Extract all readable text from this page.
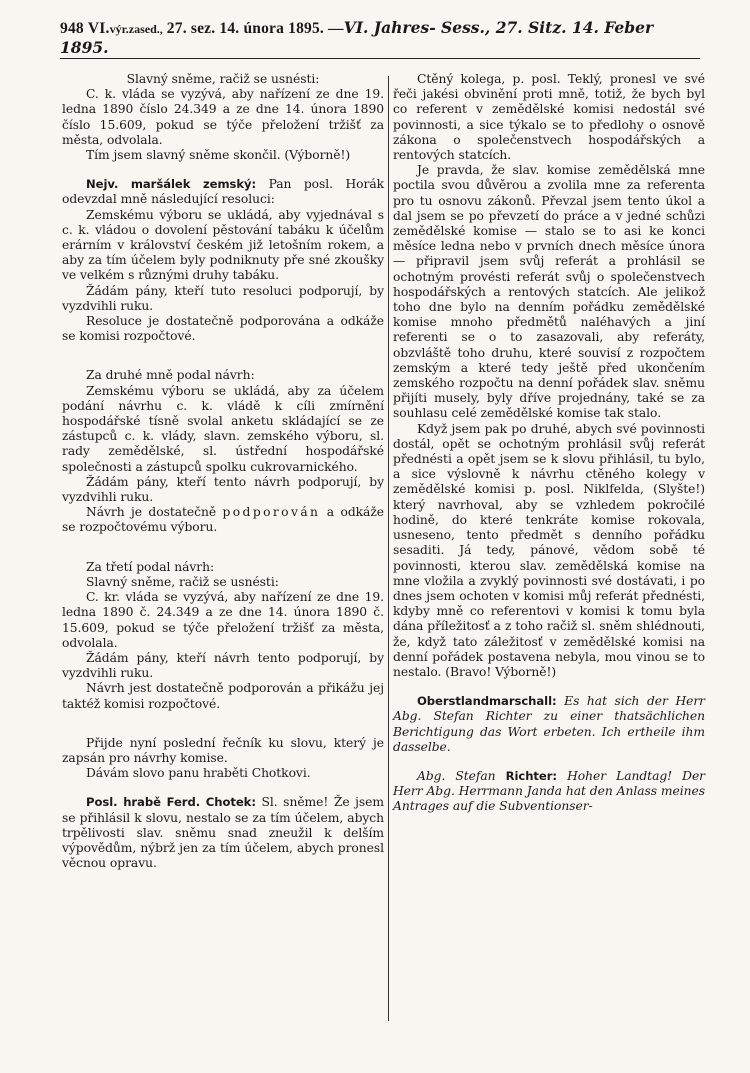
948 VI.výr.zased., 27. sez. 14. února 1895. —VI. Jahres- Sess., 27. Sitz. 14. Feber 1895.

Slavný sněme, račiž se usnésti:

C. k. vláda se vyzývá, aby nařízení ze dne 19. ledna 1890 číslo 24.349 a ze dne 14. února 1890 číslo 15.609, pokud se týče přeložení tržišť za města, odvolala.

Tím jsem slavný sněme skončil. (Výborně!)

Nejv. maršálek zemský: Pan posl. Horák odevzdal mně následující resoluci:

Zemskému výboru se ukládá, aby vyjednával s c. k. vládou o dovolení pěstování tabáku k účelům erárním v království českém již letošním rokem, a aby za tím účelem byly podniknuty pře sné zkoušky ve velkém s různými druhy tabáku.

Žádám pány, kteří tuto resoluci podporují, by vyzdvihli ruku.

Resoluce je dostatečně podporována a odkáže se komisi rozpočtové.

Za druhé mně podal návrh:

Zemskému výboru se ukládá, aby za účelem podání návrhu c. k. vládě k cíli zmírnění hospodářské tísně svolal anketu skládající se ze zástupců c. k. vlády, slavn. zemského výboru, sl. rady zemědělské, sl. ústřední hospodářské společnosti a zástupců spolku cukrovarnického.

Žádám pány, kteří tento návrh podporují, by vyzdvihli ruku.

Návrh je dostatečně podporován a odkáže se rozpočtovému výboru.

Za třetí podal návrh:

Slavný sněme, račiž se usnésti:

C. kr. vláda se vyzývá, aby nařízení ze dne 19. ledna 1890 č. 24.349 a ze dne 14. února 1890 č. 15.609, pokud se týče přeložení tržišť za města, odvolala.

Žádám pány, kteří návrh tento podporují, by vyzdvihli ruku.

Návrh jest dostatečně podporován a přikážu jej taktéž komisi rozpočtové.

Přijde nyní poslední řečník ku slovu, který je zapsán pro návrhy komise.

Dávám slovo panu hraběti Chotkovi.

Posl. hrabě Ferd. Chotek: Sl. sněme! Že jsem se přihlásil k slovu, nestalo se za tím účelem, abych trpělivosti slav. sněmu snad zneužil k delším výpovědům, nýbrž jen za tím účelem, abych pronesl věcnou opravu.

Ctěný kolega, p. posl. Teklý, pronesl ve své řeči jakési obvinění proti mně, totiž, že bych byl co referent v zemědělské komisi nedostál své povinnosti, a sice týkalo se to předlohy o osnově zákona o společenstvech hospodářských a rentových statcích.

Je pravda, že slav. komise zemědělská mne poctila svou důvěrou a zvolila mne za referenta pro tu osnovu zákonů. Převzal jsem tento úkol a dal jsem se po převzetí do práce a v jedné schůzi zemědělské komise — stalo se to asi ke konci měsíce ledna nebo v prvních dnech měsíce února — připravil jsem svůj referát a prohlásil se ochotným provésti referát svůj o společenstvech hospodářských a rentových statcích. Ale jelikož toho dne bylo na denním pořádku zemědělské komise mnoho předmětů naléhavých a jiní referenti se o to zasazovali, aby referáty, obzvláště toho druhu, které souvisí z rozpočtem zemským a které tedy ještě před ukončením zemského rozpočtu na denní pořádek slav. sněmu přijíti musely, byly dříve projednány, také se za souhlasu celé zemědělské komise tak stalo.

Když jsem pak po druhé, abych své povinnosti dostál, opět se ochotným prohlásil svůj referát přednésti a opět jsem se k slovu přihlásil, tu bylo, a sice výslovně k návrhu ctěného kolegy v zemědělské komisi p. posl. Niklfelda, (Slyšte!) který navrhoval, aby se vzhledem pokročilé hodině, do které tenkráte komise rokovala, usneseno, tento předmět s denního pořádku sesaditi. Já tedy, pánové, vědom sobě té povinnosti, kterou slav. zemědělská komise na mne vložila a zvyklý povinnosti své dostávati, i po dnes jsem ochoten v komisi můj referát přednésti, kdyby mně co referentovi v komisi k tomu byla dána příležitosť a z toho račiž sl. sněm shlédnouti, že, když tato záležitosť v zemědělské komisi na denní pořádek postavena nebyla, mou vinou se to nestalo. (Bravo! Výborně!)

Oberstlandmarschall: Es hat sich der Herr Abg. Stefan Richter zu einer thatsächlichen Berichtigung das Wort erbeten. Ich ertheile ihm dasselbe.

Abg. Stefan Richter: Hoher Landtag! Der Herr Abg. Herrmann Janda hat den Anlass meines Antrages auf die Subventionser-
